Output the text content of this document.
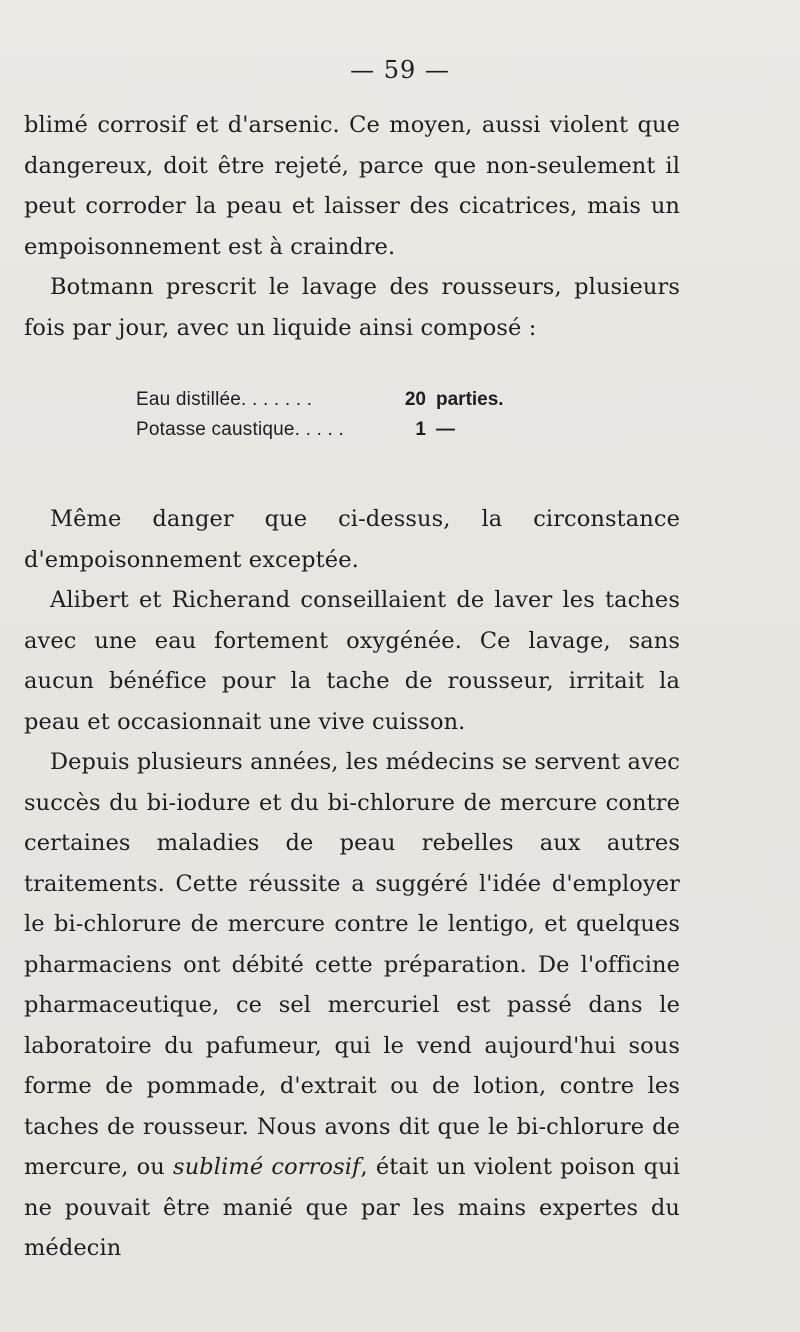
— 59 —

blimé corrosif et d'arsenic. Ce moyen, aussi violent que dangereux, doit être rejeté, parce que non-seulement il peut corroder la peau et laisser des cicatrices, mais un empoisonnement est à craindre.

Botmann prescrit le lavage des rousseurs, plusieurs fois par jour, avec un liquide ainsi composé :

Eau distillée. . . . . . .	20 parties.
Potasse caustique. . . . .	1 —

Même danger que ci-dessus, la circonstance d'empoisonnement exceptée.

Alibert et Richerand conseillaient de laver les taches avec une eau fortement oxygénée. Ce lavage, sans aucun bénéfice pour la tache de rousseur, irritait la peau et occasionnait une vive cuisson.

Depuis plusieurs années, les médecins se servent avec succès du bi-iodure et du bi-chlorure de mercure contre certaines maladies de peau rebelles aux autres traitements. Cette réussite a suggéré l'idée d'employer le bi-chlorure de mercure contre le lentigo, et quelques pharmaciens ont débité cette préparation. De l'officine pharmaceutique, ce sel mercuriel est passé dans le laboratoire du pafumeur, qui le vend aujourd'hui sous forme de pommade, d'extrait ou de lotion, contre les taches de rousseur. Nous avons dit que le bi-chlorure de mercure, ou sublimé corrosif, était un violent poison qui ne pouvait être manié que par les mains expertes du médecin
